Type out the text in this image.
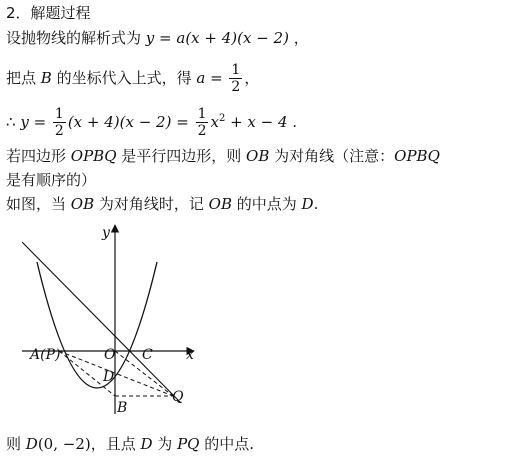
2．解题过程
设抛物线的解析式为 y = a(x + 4)(x − 2) ，
把点 B 的坐标代入上式，得 $a = \frac{1}{2}$ ，
∴ $y = \frac{1}{2} (x + 4)(x - 2) = \frac{1}{2} x^2 + x - 4$ .
若四边形 OPBQ 是平行四边形，则 OB 为对角线（注意：OPBQ
是有顺序的）
如图，当 OB 为对角线时，记 OB 的中点为 D.
y
x
A(P)	O C
D
B
Q
则 D(0, −2)，且点 D 为 PQ 的中点.
